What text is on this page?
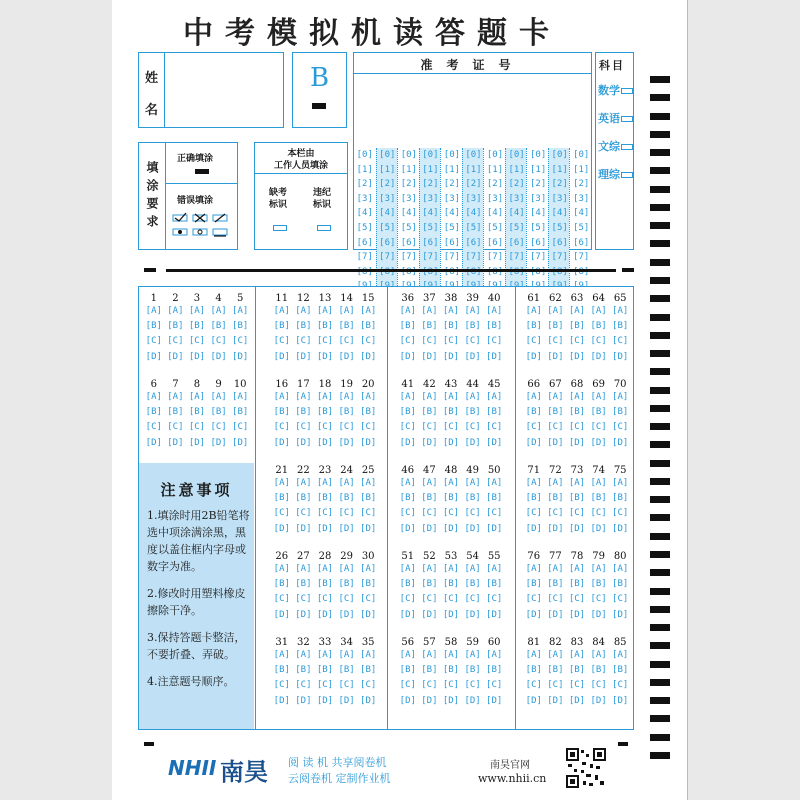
中考模拟机读答题卡
姓
名
B	准考证号
[0]
[1]
[2]
[3]
[4]
[5]
[6]
[7]
[0]
[1]
[2]
[3]
[4]
[5]
[6]
[7]
[0]
[1]
[2]
[3]
[4]
[5]
[6]
[7]
[0]
[1]
[2]
[3]
[4]
[5]
[6]
[7]
[0]
[1]
[2]
[3]
[4]
[5]
[6]
[7]
[0]
[1]
[2]
[3]
[4]
[5]
[6]
[7]
[0]
[1]
[2]
[3]
[4]
[5]
[6]
[7]
[0]
[1]
[2]
[3]
[4]
[5]
[6]
[7]
[0]
[1]
[2]
[3]
[4]
[5]
[6]
[7]
[0]
[1]
[2]
[3]
[4]
[5]
[6]
[7]
[0]
[1]
[2]
[3]
[4]
[5]
[6]
[7]
科目
数学
英语
文综
理综
填涂要求
正确填涂
错误填涂
本栏由
工作人员填涂
缺考
标识
违纪
标识
1
[A]
[B]
[C]
[D]
2
[A]
[B]
[C]
[D]
3
[A]
[B]
[C]
[D]
4
[A]
[B]
[C]
[D]
5
[A]
[B]
[C]
[D]
6
[A]
[B]
[C]
[D]
7
[A]
[B]
[C]
[D]
8
[A]
[B]
[C]
[D]
9
[A]
[B]
[C]
[D]
10
[A]
[B]
[C]
[D]
11
[A]
[B]
[C]
[D]
12
[A]
[B]
[C]
[D]
13
[A]
[B]
[C]
[D]
14
[A]
[B]
[C]
[D]
15
[A]
[B]
[C]
[D]
16
[A]
[B]
[C]
[D]
17
[A]
[B]
[C]
[D]
18
[A]
[B]
[C]
[D]
19
[A]
[B]
[C]
[D]
20
[A]
[B]
[C]
[D]
21
[A]
[B]
[C]
[D]
22
[A]
[B]
[C]
[D]
23
[A]
[B]
[C]
[D]
24
[A]
[B]
[C]
[D]
25
[A]
[B]
[C]
[D]
26
[A]
[B]
[C]
[D]
27
[A]
[B]
[C]
[D]
28
[A]
[B]
[C]
[D]
29
[A]
[B]
[C]
[D]
30
[A]
[B]
[C]
[D]
31
[A]
[B]
[C]
[D]
32
[A]
[B]
[C]
[D]
33
[A]
[B]
[C]
[D]
34
[A]
[B]
[C]
[D]
35
[A]
[B]
[C]
[D]
36
[A]
[B]
[C]
[D]
37
[A]
[B]
[C]
[D]
38
[A]
[B]
[C]
[D]
39
[A]
[B]
[C]
[D]
40
[A]
[B]
[C]
[D]
41
[A]
[B]
[C]
[D]
42
[A]
[B]
[C]
[D]
43
[A]
[B]
[C]
[D]
44
[A]
[B]
[C]
[D]
45
[A]
[B]
[C]
[D]
46
[A]
[B]
[C]
[D]
47
[A]
[B]
[C]
[D]
48
[A]
[B]
[C]
[D]
49
[A]
[B]
[C]
[D]
50
[A]
[B]
[C]
[D]
51
[A]
[B]
[C]
[D]
52
[A]
[B]
[C]
[D]
53
[A]
[B]
[C]
[D]
54
[A]
[B]
[C]
[D]
55
[A]
[B]
[C]
[D]
56
[A]
[B]
[C]
[D]
57
[A]
[B]
[C]
[D]
58
[A]
[B]
[C]
[D]
59
[A]
[B]
[C]
[D]
60
[A]
[B]
[C]
[D]
61
[A]
[B]
[C]
[D]
62
[A]
[B]
[C]
[D]
63
[A]
[B]
[C]
[D]
64
[A]
[B]
[C]
[D]
65
[A]
[B]
[C]
[D]
66
[A]
[B]
[C]
[D]
67
[A]
[B]
[C]
[D]
68
[A]
[B]
[C]
[D]
69
[A]
[B]
[C]
[D]
70
[A]
[B]
[C]
[D]
71
[A]
[B]
[C]
[D]
72
[A]
[B]
[C]
[D]
73
[A]
[B]
[C]
[D]
74
[A]
[B]
[C]
[D]
75
[A]
[B]
[C]
[D]
76
[A]
[B]
[C]
[D]
77
[A]
[B]
[C]
[D]
78
[A]
[B]
[C]
[D]
79
[A]
[B]
[C]
[D]
80
[A]
[B]
[C]
[D]
81
[A]
[B]
[C]
[D]
82
[A]
[B]
[C]
[D]
83
[A]
[B]
[C]
[D]
84
[A]
[B]
[C]
[D]
85
[A]
[B]
[C]
[D]
注意事项

1.填涂时用2B铅笔将选中项涂满涂黑，黑度以盖住框内字母或数字为准。

2.修改时用塑料橡皮擦除干净。

3.保持答题卡整洁，不要折叠、弄破。

4.注意题号顺序。

NHII 南昊 阅 读 机 共享阅卷机
云阅卷机 定制作业机
南昊官网
www.nhii.cn
